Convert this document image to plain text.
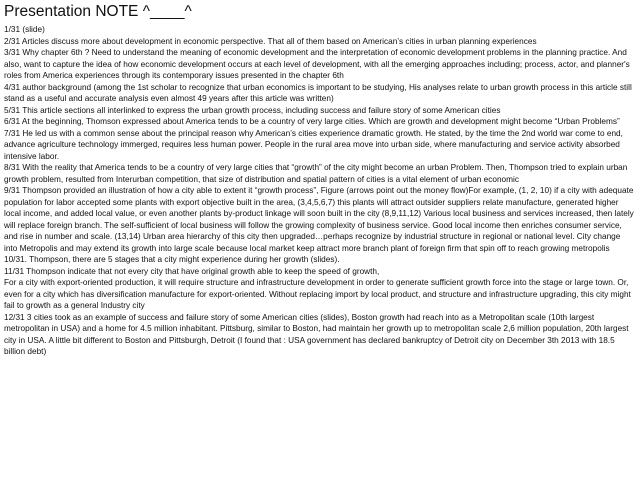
Presentation NOTE ^____^

1/31 (slide)

2/31 Articles discuss more about development in economic perspective. That all of them based on American’s cities in urban planning experiences

3/31 Why chapter 6th ? Need to understand the meaning of economic development and the interpretation of economic development problems in the planning practice. And also, want to capture the idea of how economic development occurs at each level of development, with all the emerging approaches including; process, actor, and planner's roles from America experiences through its contemporary issues presented in the chapter 6th

4/31 author background (among the 1st scholar to recognize that urban economics is important to be studying, His analyses relate to urban growth process in this article still stand as a useful and accurate analysis even almost 49 years after this article was written)

5/31 This article sections all interlinked to express the urban growth process, including success and failure story of some American cities

6/31 At the beginning, Thomson expressed about America tends to be a country of very large cities. Which are growth and development might become “Urban Problems”

7/31 He led us with a common sense about the principal reason why American’s cities experience dramatic growth. He stated, by the time the 2nd world war come to end, advance agriculture technology immerged, requires less human power. People in the rural area move into urban side, where manufacturing and service activity absorbed intensive labor.

8/31 With the reality that America tends to be a country of very large cities that “growth” of the city might become an urban Problem. Then, Thompson tried to explain urban growth problem, resulted from Interurban competition, that size of distribution and spatial pattern of cities is a vital element of urban economic

9/31 Thompson provided an illustration of how a city able to extent it “growth process”, Figure (arrows point out the money flow)For example, (1, 2, 10) if a city with adequate population for labor accepted some plants with export objective built in the area, (3,4,5,6,7) this plants will attract outsider suppliers relate manufacture, generated higher local income, and added local value, or even another plants by-product linkage will soon built in the city (8,9,11,12) Various local business and services increased, then lately will replace foreign branch. The self-sufficient of local business will follow the growing complexity of business service. Good local income then enriches consumer service, and rise in number and scale. (13,14) Urban area hierarchy of this city then upgraded…perhaps recognize by industrial structure in regional or national level. City change into Metropolis and may extend its growth into large scale because local market keep attract more branch plant of foreign firm that spin off to reach growing metropolis

10/31. Thompson, there are 5 stages that a city might experience during her growth (slides).

11/31 Thompson indicate that not every city that have original growth able to keep the speed of growth,

For a city with export-oriented production, it will require structure and infrastructure development in order to generate sufficient growth force into the stage or large town. Or, even for a city which has diversification manufacture for export-oriented. Without replacing import by local product, and structure and infrastructure upgrading, this city might fail to growth as a general Industry city

12/31 3 cities took as an example of success and failure story of some American cities (slides), Boston growth had reach into as a Metropolitan scale (10th largest metropolitan in USA) and a home for 4.5 million inhabitant. Pittsburg, similar to Boston, had maintain her growth up to metropolitan scale 2,6 million population, 20th largest city in USA. A little bit different to Boston and Pittsburgh, Detroit (I found that : USA government has declared bankruptcy of Detroit city on December 3th 2013 with 18.5 billion debt)
